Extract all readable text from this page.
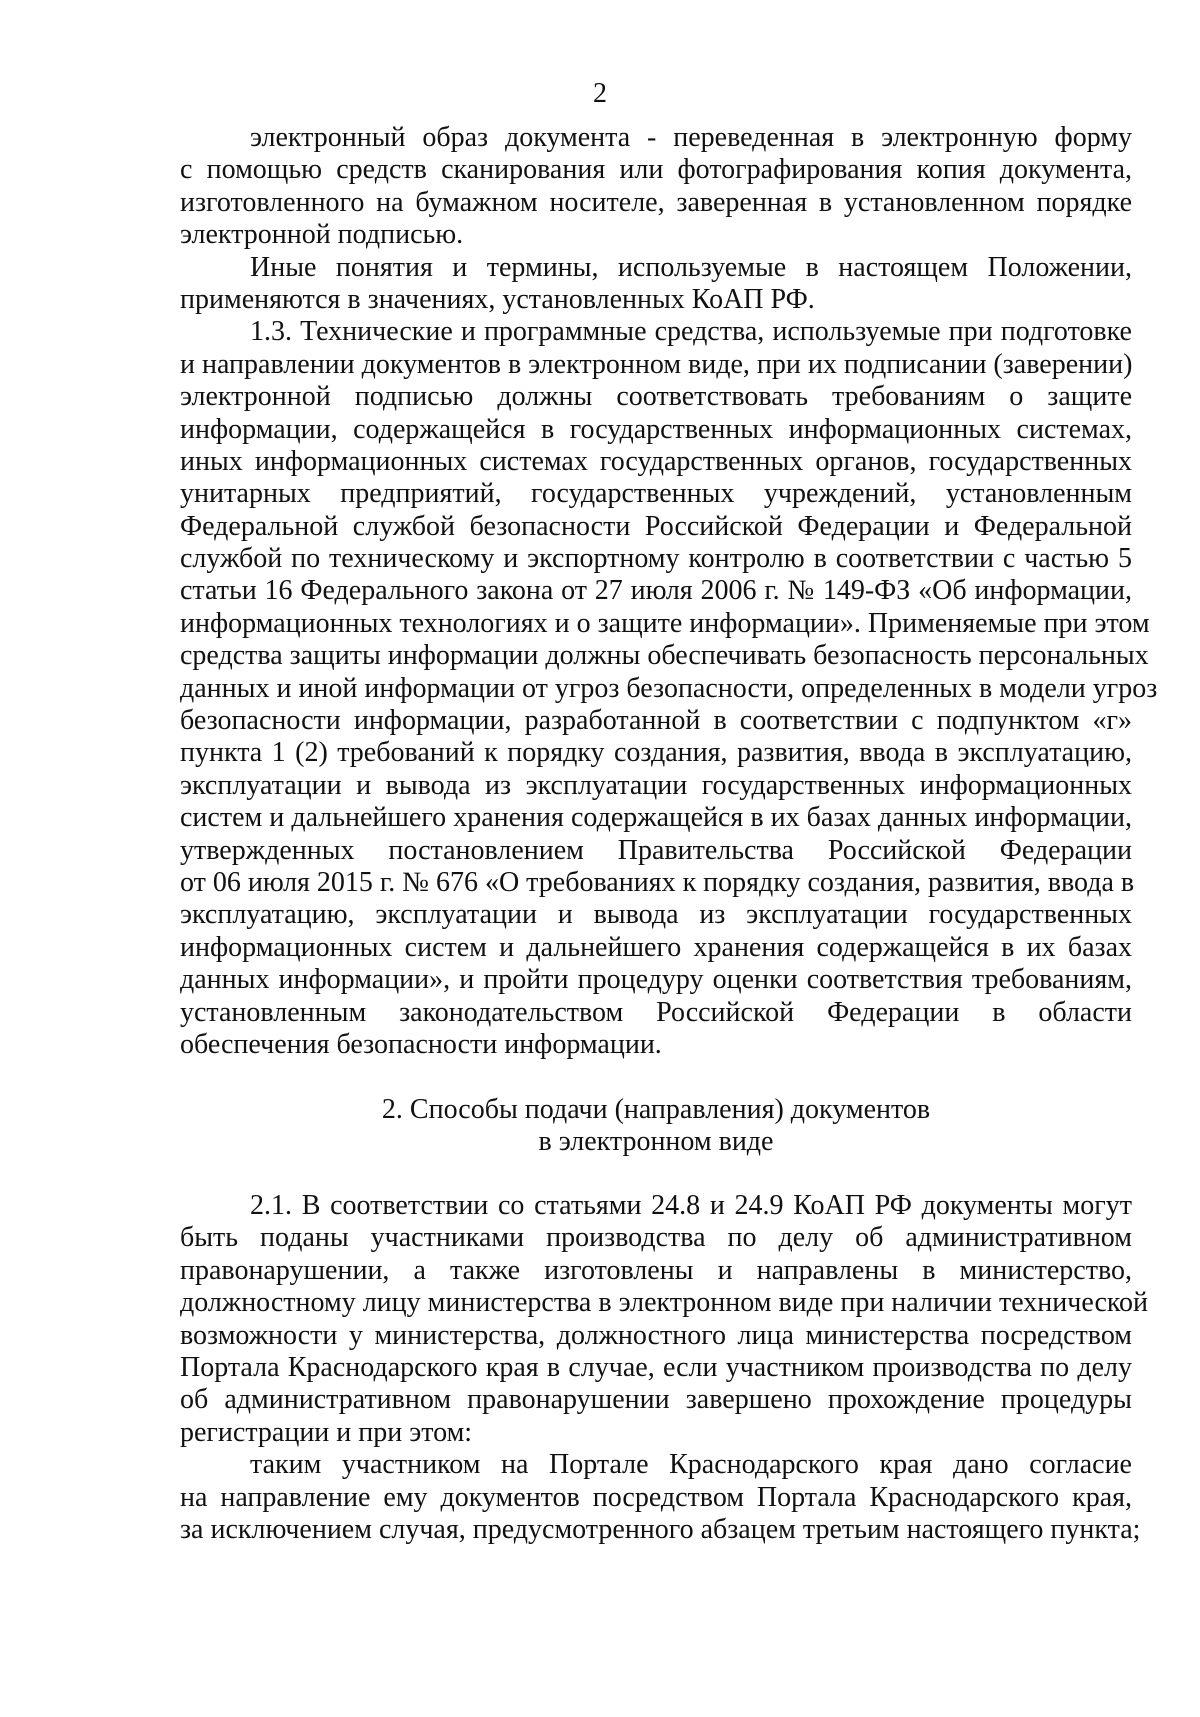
2
электронный образ документа - переведенная в электронную форму
с помощью средств сканирования или фотографирования копия документа,
изготовленного на бумажном носителе, заверенная в установленном порядке
электронной подписью.
Иные понятия и термины, используемые в настоящем Положении,
применяются в значениях, установленных КоАП РФ.
1.3. Технические и программные средства, используемые при подготовке
и направлении документов в электронном виде, при их подписании (заверении)
электронной подписью должны соответствовать требованиям о защите
информации, содержащейся в государственных информационных системах,
иных информационных системах государственных органов, государственных
унитарных предприятий, государственных учреждений, установленным
Федеральной службой безопасности Российской Федерации и Федеральной
службой по техническому и экспортному контролю в соответствии с частью 5
статьи 16 Федерального закона от 27 июля 2006 г. № 149-ФЗ «Об информации,
информационных технологиях и о защите информации». Применяемые при этом
средства защиты информации должны обеспечивать безопасность персональных
данных и иной информации от угроз безопасности, определенных в модели угроз
безопасности информации, разработанной в соответствии с подпунктом «г»
пункта 1 (2) требований к порядку создания, развития, ввода в эксплуатацию,
эксплуатации и вывода из эксплуатации государственных информационных
систем и дальнейшего хранения содержащейся в их базах данных информации,
утвержденных постановлением Правительства Российской Федерации
от 06 июля 2015 г. № 676 «О требованиях к порядку создания, развития, ввода в
эксплуатацию, эксплуатации и вывода из эксплуатации государственных
информационных систем и дальнейшего хранения содержащейся в их базах
данных информации», и пройти процедуру оценки соответствия требованиям,
установленным законодательством Российской Федерации в области
обеспечения безопасности информации.
2. Способы подачи (направления) документов
в электронном виде
2.1. В соответствии со статьями 24.8 и 24.9 КоАП РФ документы могут
быть поданы участниками производства по делу об административном
правонарушении, а также изготовлены и направлены в министерство,
должностному лицу министерства в электронном виде при наличии технической
возможности у министерства, должностного лица министерства посредством
Портала Краснодарского края в случае, если участником производства по делу
об административном правонарушении завершено прохождение процедуры
регистрации и при этом:
таким участником на Портале Краснодарского края дано согласие
на направление ему документов посредством Портала Краснодарского края,
за исключением случая, предусмотренного абзацем третьим настоящего пункта;
